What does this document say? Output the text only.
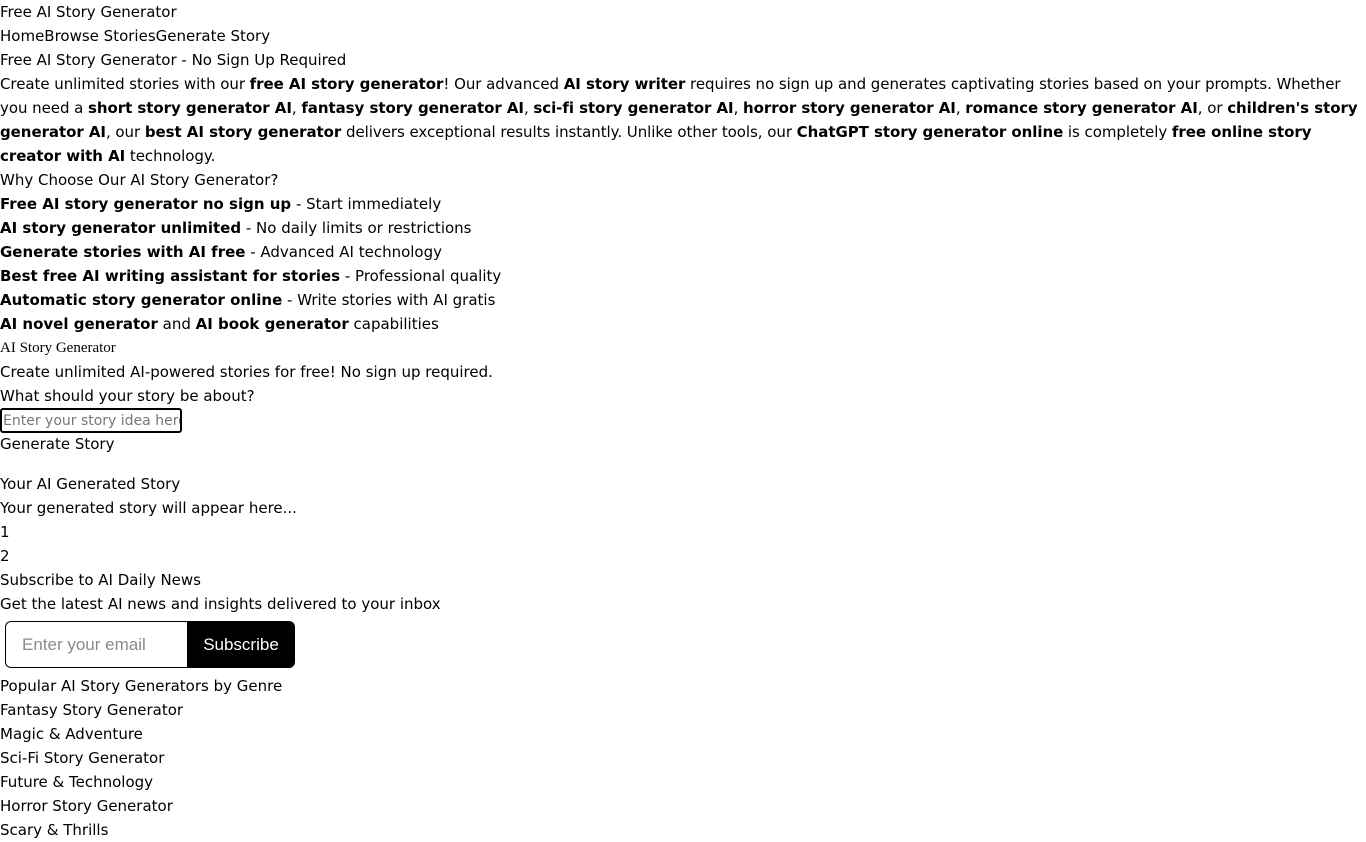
Free AI Story Generator
HomeBrowse StoriesGenerate Story
Free AI Story Generator - No Sign Up Required
Create unlimited stories with our free AI story generator! Our advanced AI story writer requires no sign up and generates captivating stories based on your prompts. Whether you need a short story generator AI, fantasy story generator AI, sci-fi story generator AI, horror story generator AI, romance story generator AI, or children's story generator AI, our best AI story generator delivers exceptional results instantly. Unlike other tools, our ChatGPT story generator online is completely free online story creator with AI technology.
Why Choose Our AI Story Generator?
Free AI story generator no sign up - Start immediately
AI story generator unlimited - No daily limits or restrictions
Generate stories with AI free - Advanced AI technology
Best free AI writing assistant for stories - Professional quality
Automatic story generator online - Write stories with AI gratis
AI novel generator and AI book generator capabilities
AI Story Generator
Create unlimited AI-powered stories for free! No sign up required.
What should your story be about?
Enter your story idea here
Generate Story
Your AI Generated Story
Your generated story will appear here...
1
2
Subscribe to AI Daily News
Get the latest AI news and insights delivered to your inbox
Enter your email
Subscribe
Popular AI Story Generators by Genre
Fantasy Story Generator
Magic & Adventure
Sci-Fi Story Generator
Future & Technology
Horror Story Generator
Scary & Thrills
